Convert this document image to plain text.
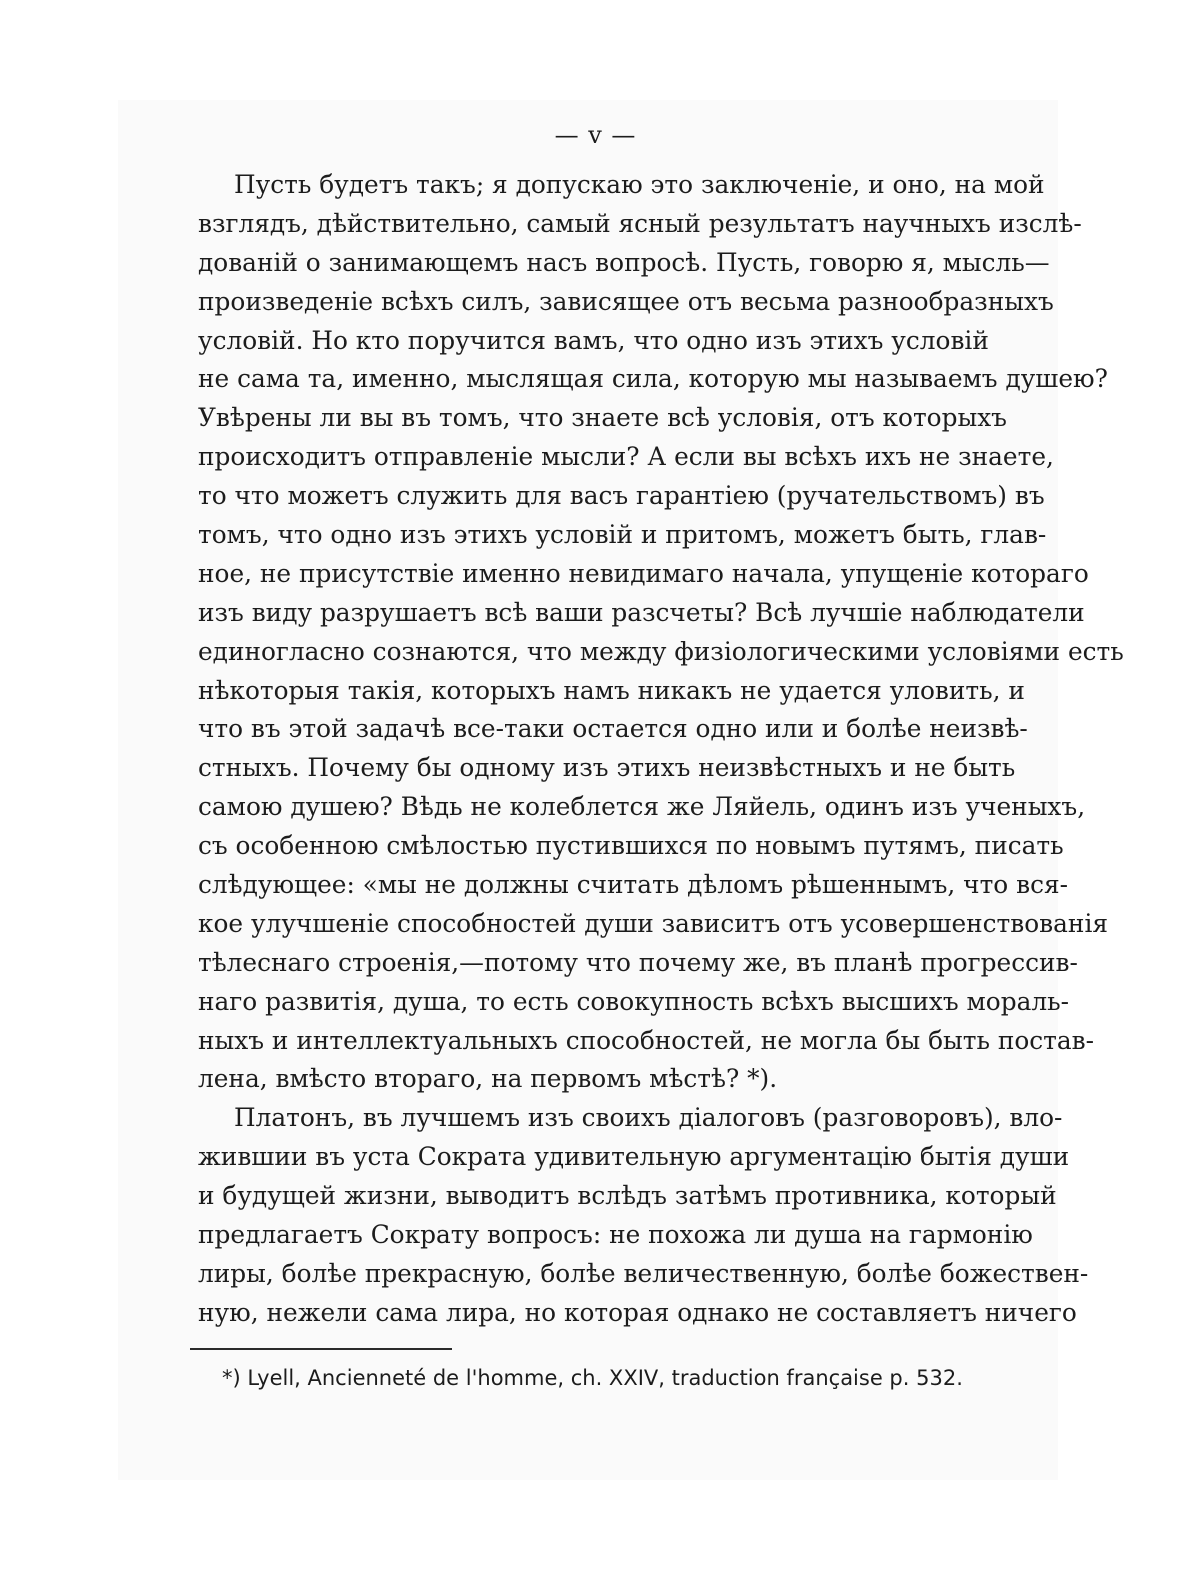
— v —
Пусть будетъ такъ; я допускаю это заключеніе, и оно, на мой
взглядъ, дѣйствительно, самый ясный результатъ научныхъ изслѣ-
дованій о занимающемъ насъ вопросѣ. Пусть, говорю я, мысль—
произведеніе всѣхъ силъ, зависящее отъ весьма разнообразныхъ
условій. Но кто поручится вамъ, что одно изъ этихъ условій
не сама та, именно, мыслящая сила, которую мы называемъ душею?
Увѣрены ли вы въ томъ, что знаете всѣ условія, отъ которыхъ
происходитъ отправленіе мысли? А если вы всѣхъ ихъ не знаете,
то что можетъ служить для васъ гарантіею (ручательствомъ) въ
томъ, что одно изъ этихъ условій и притомъ, можетъ быть, глав-
ное, не присутствіе именно невидимаго начала, упущеніе котораго
изъ виду разрушаетъ всѣ ваши разсчеты? Всѣ лучшіе наблюдатели
единогласно сознаются, что между физіологическими условіями есть
нѣкоторыя такія, которыхъ намъ никакъ не удается уловить, и
что въ этой задачѣ все-таки остается одно или и болѣе неизвѣ-
стныхъ. Почему бы одному изъ этихъ неизвѣстныхъ и не быть
самою душею? Вѣдь не колеблется же Ляйель, одинъ изъ ученыхъ,
съ особенною смѣлостью пустившихся по новымъ путямъ, писать
слѣдующее: «мы не должны считать дѣломъ рѣшеннымъ, что вся-
кое улучшеніе способностей души зависитъ отъ усовершенствованія
тѣлеснаго строенія,—потому что почему же, въ планѣ прогрессив-
наго развитія, душа, то есть совокупность всѣхъ высшихъ мораль-
ныхъ и интеллектуальныхъ способностей, не могла бы быть постав-
лена, вмѣсто втораго, на первомъ мѣстѣ? *).
Платонъ, въ лучшемъ изъ своихъ діалоговъ (разговоровъ), вло-
жившии въ уста Сократа удивительную аргументацію бытія души
и будущей жизни, выводитъ вслѣдъ затѣмъ противника, который
предлагаетъ Сократу вопросъ: не похожа ли душа на гармонію
лиры, болѣе прекрасную, болѣе величественную, болѣе божествен-
ную, нежели сама лира, но которая однако не составляетъ ничего
*) Lyell, Ancienneté de l'homme, ch. XXIV, traduction française p. 532.
